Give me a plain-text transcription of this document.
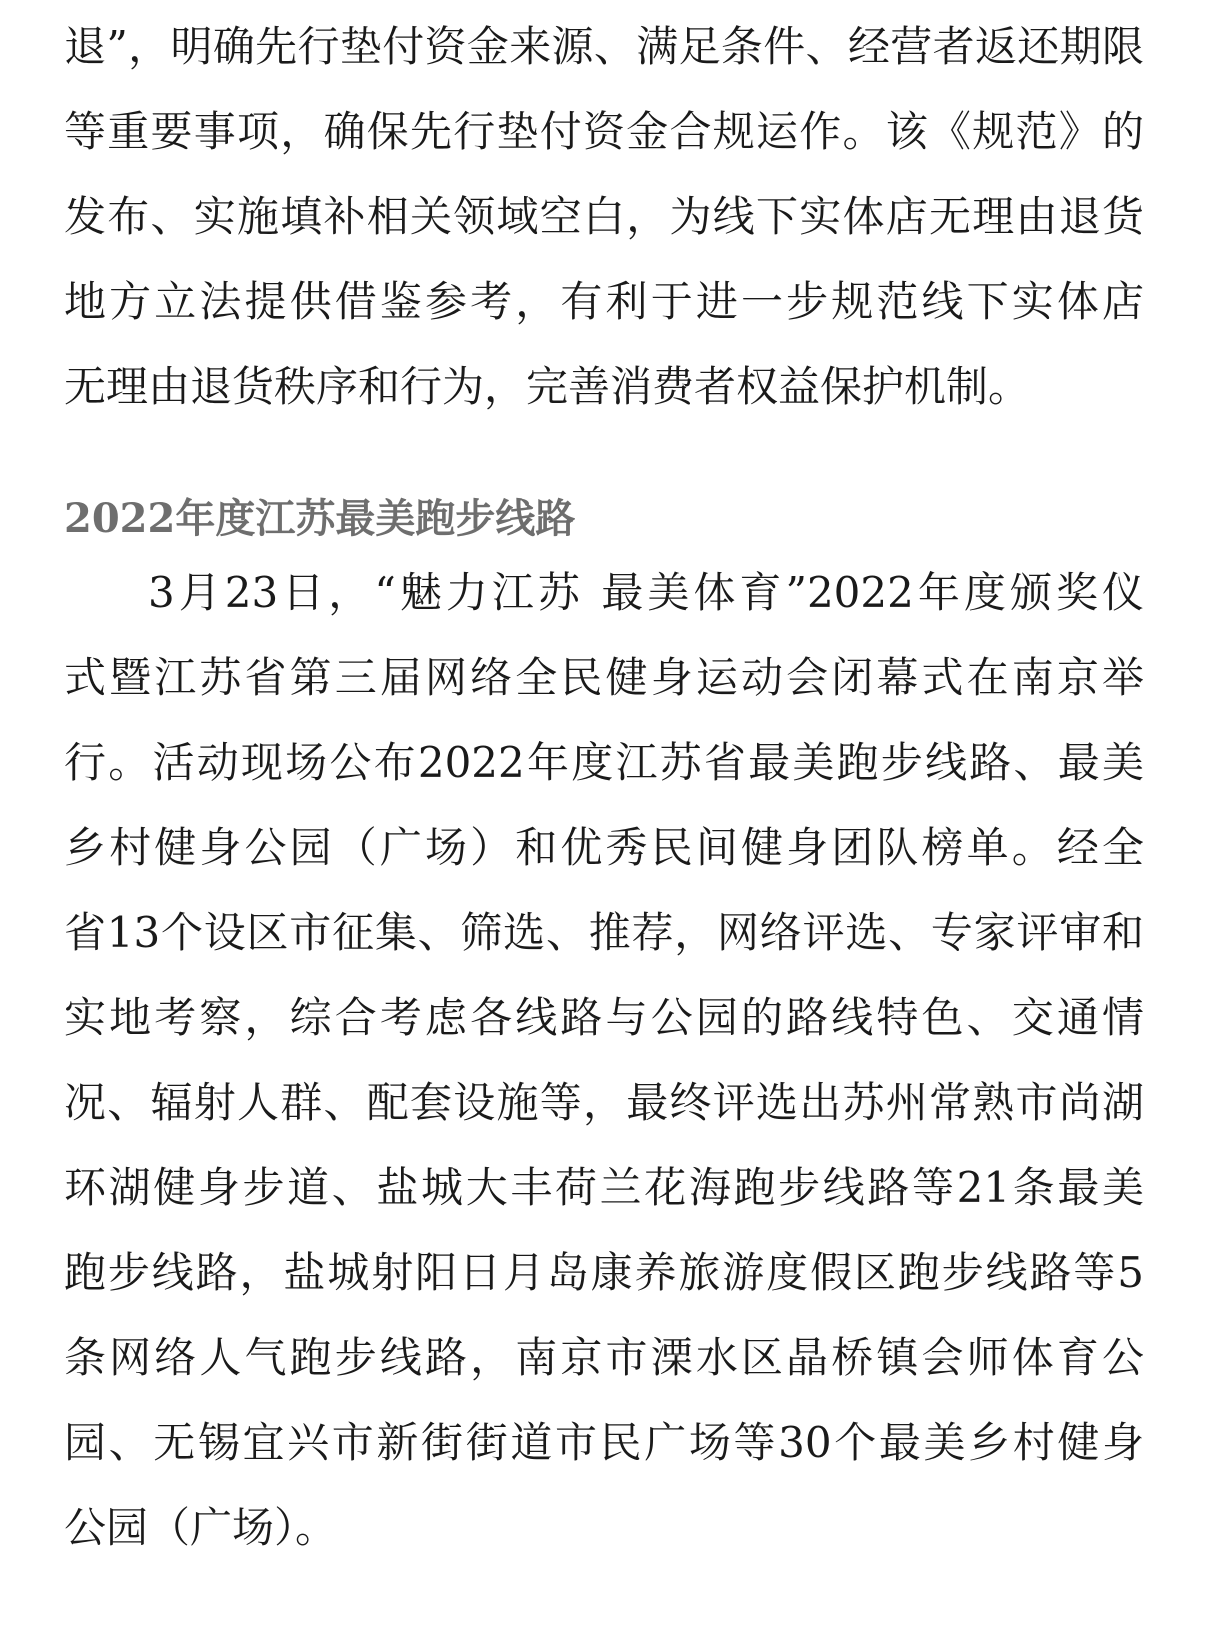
退”，明确先行垫付资金来源、满足条件、经营者返还期限
等重要事项，确保先行垫付资金合规运作。该《规范》的
发布、实施填补相关领域空白，为线下实体店无理由退货
地方立法提供借鉴参考，有利于进一步规范线下实体店
无理由退货秩序和行为，完善消费者权益保护机制。
2022年度江苏最美跑步线路
3月23日，“魅力江苏 最美体育”2022年度颁奖仪
式暨江苏省第三届网络全民健身运动会闭幕式在南京举
行。活动现场公布2022年度江苏省最美跑步线路、最美
乡村健身公园（广场）和优秀民间健身团队榜单。经全
省13个设区市征集、筛选、推荐，网络评选、专家评审和
实地考察，综合考虑各线路与公园的路线特色、交通情
况、辐射人群、配套设施等，最终评选出苏州常熟市尚湖
环湖健身步道、盐城大丰荷兰花海跑步线路等21条最美
跑步线路，盐城射阳日月岛康养旅游度假区跑步线路等5
条网络人气跑步线路，南京市溧水区晶桥镇会师体育公
园、无锡宜兴市新街街道市民广场等30个最美乡村健身
公园（广场）。
